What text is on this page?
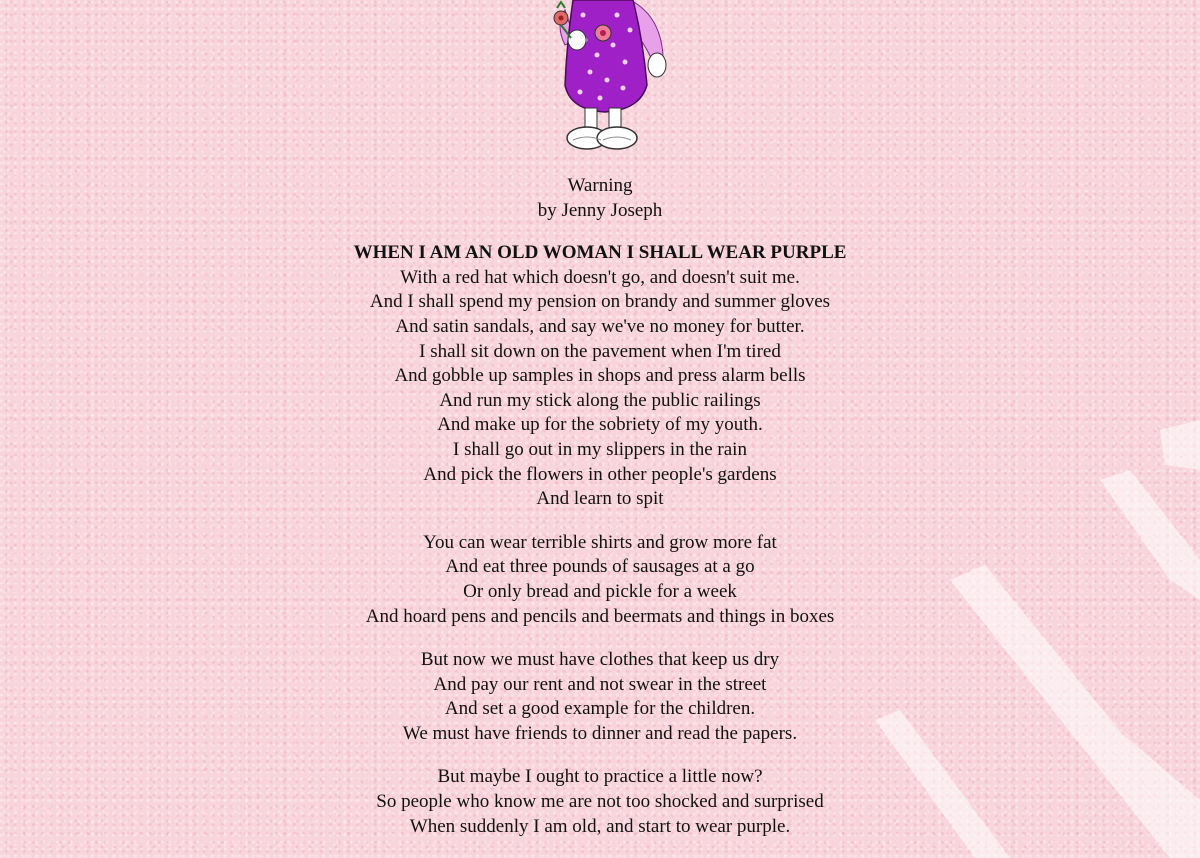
Warning
by Jenny Joseph
WHEN I AM AN OLD WOMAN I SHALL WEAR PURPLE
With a red hat which doesn't go, and doesn't suit me.
And I shall spend my pension on brandy and summer gloves
And satin sandals, and say we've no money for butter.
I shall sit down on the pavement when I'm tired
And gobble up samples in shops and press alarm bells
And run my stick along the public railings
And make up for the sobriety of my youth.
I shall go out in my slippers in the rain
And pick the flowers in other people's gardens
And learn to spit
You can wear terrible shirts and grow more fat
And eat three pounds of sausages at a go
Or only bread and pickle for a week
And hoard pens and pencils and beermats and things in boxes
But now we must have clothes that keep us dry
And pay our rent and not swear in the street
And set a good example for the children.
We must have friends to dinner and read the papers.
But maybe I ought to practice a little now?
So people who know me are not too shocked and surprised
When suddenly I am old, and start to wear purple.
